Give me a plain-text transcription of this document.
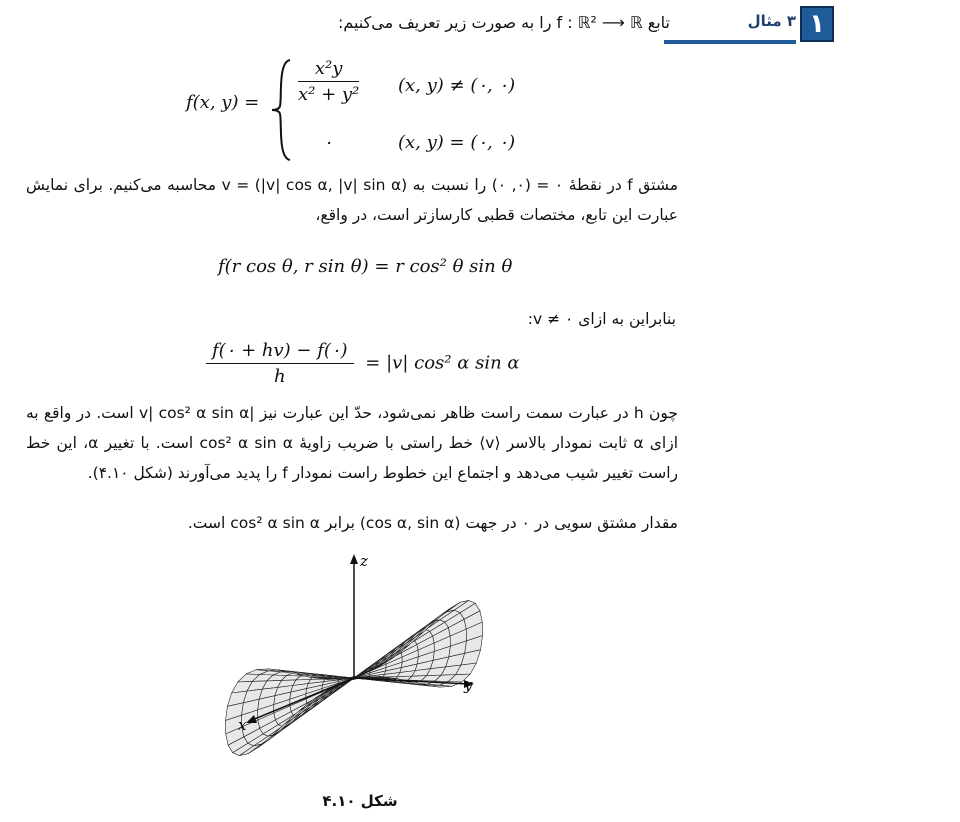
۱
۳ مثال
تابع f : ℝ² ⟶ ℝ را به صورت زیر تعریف می‌کنیم:
f(x, $y) = \frac{\text{x²y}}{\text{x² + y²}} (x$, y) ≠ (۰, ۰)
۰	(x, y) = (۰, ۰)
مشتق f در نقطهٔ ۰ = (۰, ۰) را نسبت به v = (|v| cos α, |v| sin α) محاسبه می‌کنیم. برای نمایش عبارت این تابع، مختصات قطبی کارسازتر است، در واقع،
f(r cos θ, r sin θ) = r cos² θ sin θ
بنابراین به ازای v ≠ ۰:
$\frac{f(۰ + hv) - f(۰)}{h} = |v|$ cos² α sin α
چون h در عبارت سمت راست ظاهر نمی‌شود، حدّ این عبارت نیز |v| cos² α sin α است. در واقع به ازای α ثابت نمودار بالاسر ⟨v⟩ خط راستی با ضریب زاویهٔ cos² α sin α است. با تغییر α، این خط راست تغییر شیب می‌دهد و اجتماع این خطوط راست نمودار f را پدید می‌آورند (شکل ۴.۱۰).
مقدار مشتق سویی در ۰ در جهت (cos α, sin α) برابر cos² α sin α است.
z
y
x
شکل ۴.۱۰
